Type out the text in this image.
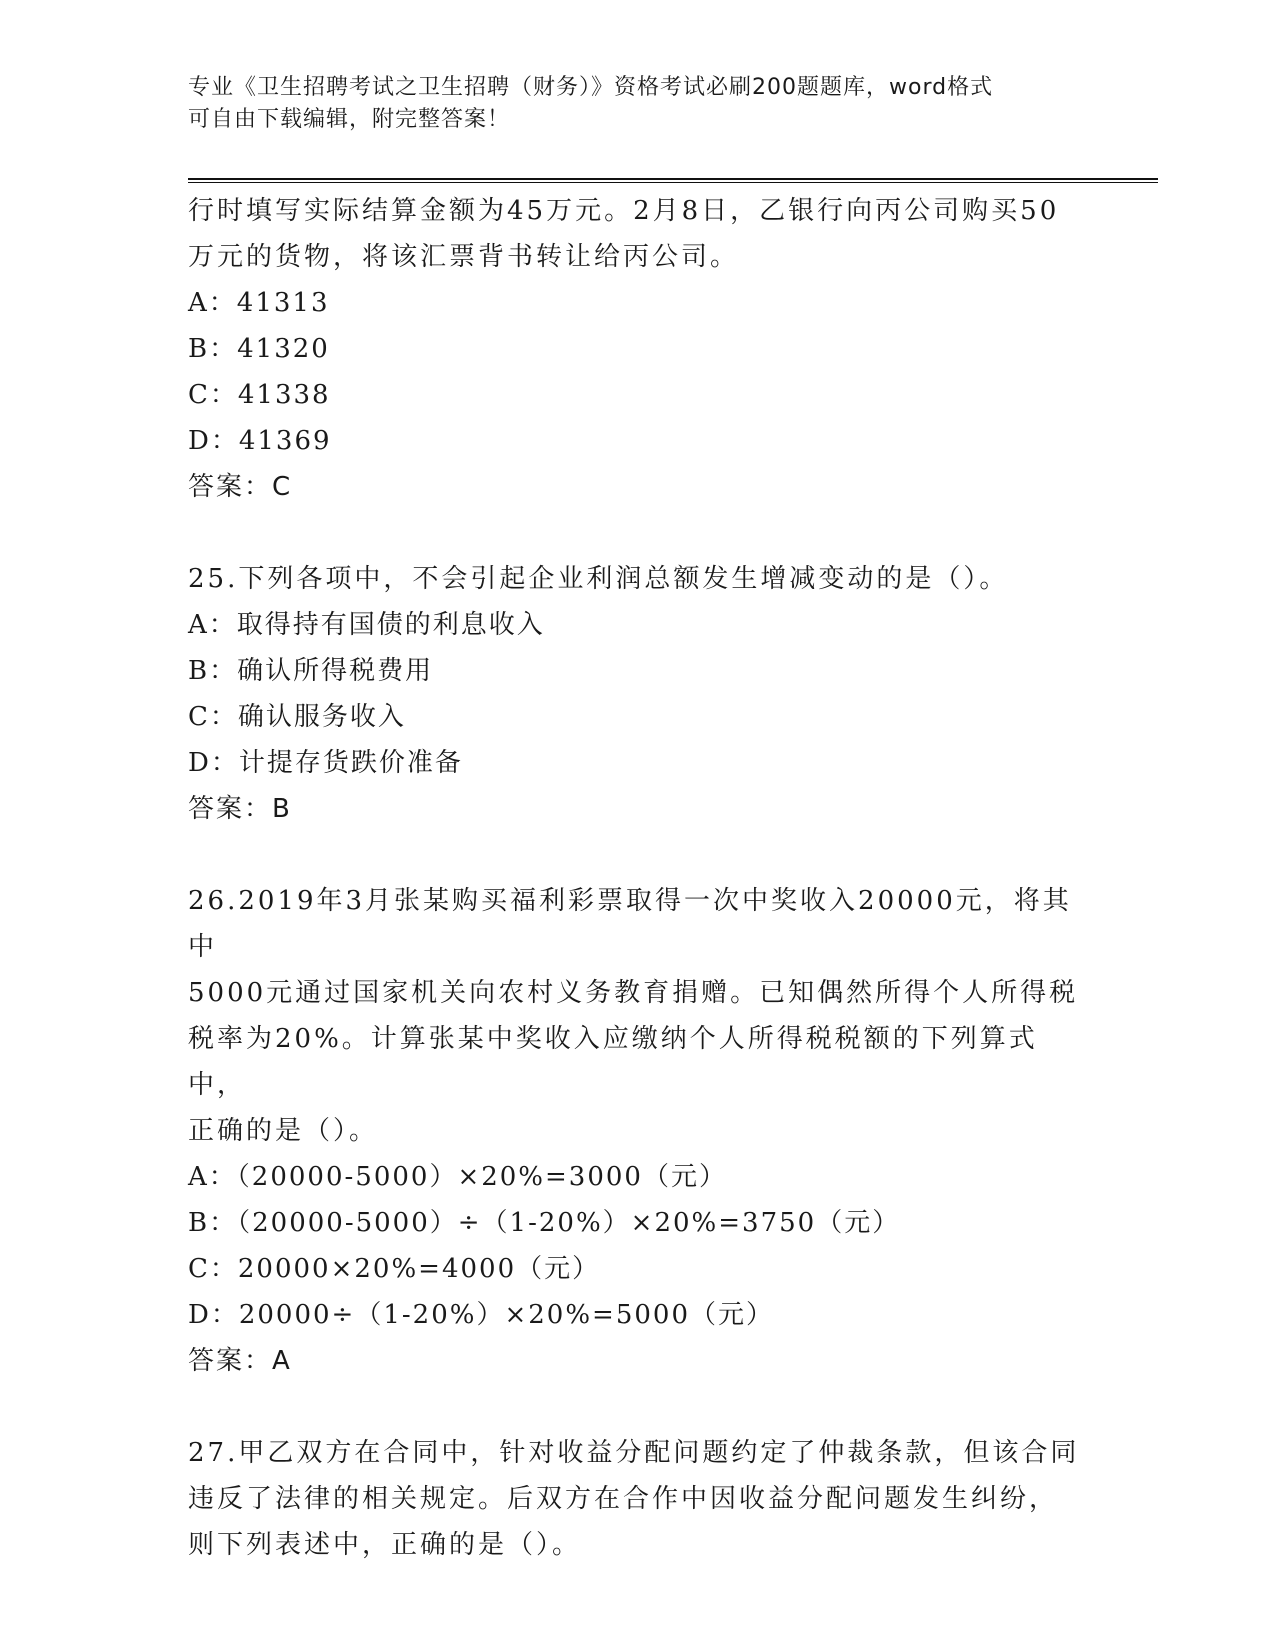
专业《卫生招聘考试之卫生招聘（财务）》资格考试必刷200题题库，word格式
可自由下载编辑，附完整答案！

行时填写实际结算金额为45万元。2月8日，乙银行向丙公司购买50

万元的货物，将该汇票背书转让给丙公司。

A：41313

B：41320

C：41338

D：41369

答案：C

25.下列各项中，不会引起企业利润总额发生增减变动的是（）。

A：取得持有国债的利息收入

B：确认所得税费用

C：确认服务收入

D：计提存货跌价准备

答案：B

26.2019年3月张某购买福利彩票取得一次中奖收入20000元，将其中

5000元通过国家机关向农村义务教育捐赠。已知偶然所得个人所得税

税率为20%。计算张某中奖收入应缴纳个人所得税税额的下列算式中，

正确的是（）。

A：（20000-5000）×20%=3000（元）

B：（20000-5000）÷（1-20%）×20%=3750（元）

C：20000×20%=4000（元）

D：20000÷（1-20%）×20%=5000（元）

答案：A

27.甲乙双方在合同中，针对收益分配问题约定了仲裁条款，但该合同

违反了法律的相关规定。后双方在合作中因收益分配问题发生纠纷，

则下列表述中，正确的是（）。
